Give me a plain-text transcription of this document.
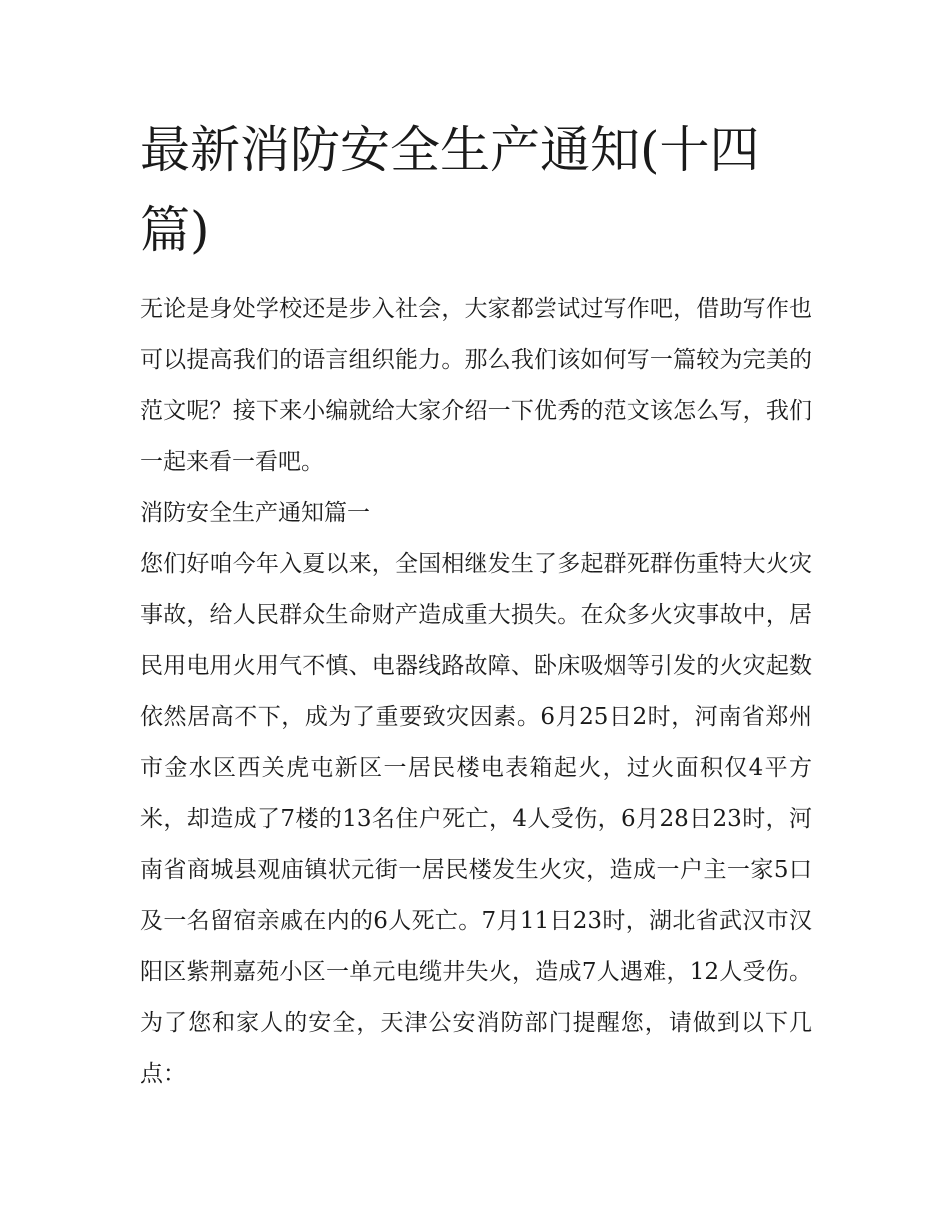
最新消防安全生产通知(十四篇)

无论是身处学校还是步入社会，大家都尝试过写作吧，借助写作也可以提高我们的语言组织能力。那么我们该如何写一篇较为完美的范文呢？接下来小编就给大家介绍一下优秀的范文该怎么写，我们一起来看一看吧。

消防安全生产通知篇一

您们好咱今年入夏以来，全国相继发生了多起群死群伤重特大火灾事故，给人民群众生命财产造成重大损失。在众多火灾事故中，居民用电用火用气不慎、电器线路故障、卧床吸烟等引发的火灾起数依然居高不下，成为了重要致灾因素。6月25日2时，河南省郑州市金水区西关虎屯新区一居民楼电表箱起火，过火面积仅4平方米，却造成了7楼的13名住户死亡，4人受伤，6月28日23时，河南省商城县观庙镇状元街一居民楼发生火灾，造成一户主一家5口及一名留宿亲戚在内的6人死亡。7月11日23时，湖北省武汉市汉阳区紫荆嘉苑小区一单元电缆井失火，造成7人遇难，12人受伤。为了您和家人的安全，天津公安消防部门提醒您，请做到以下几点：
